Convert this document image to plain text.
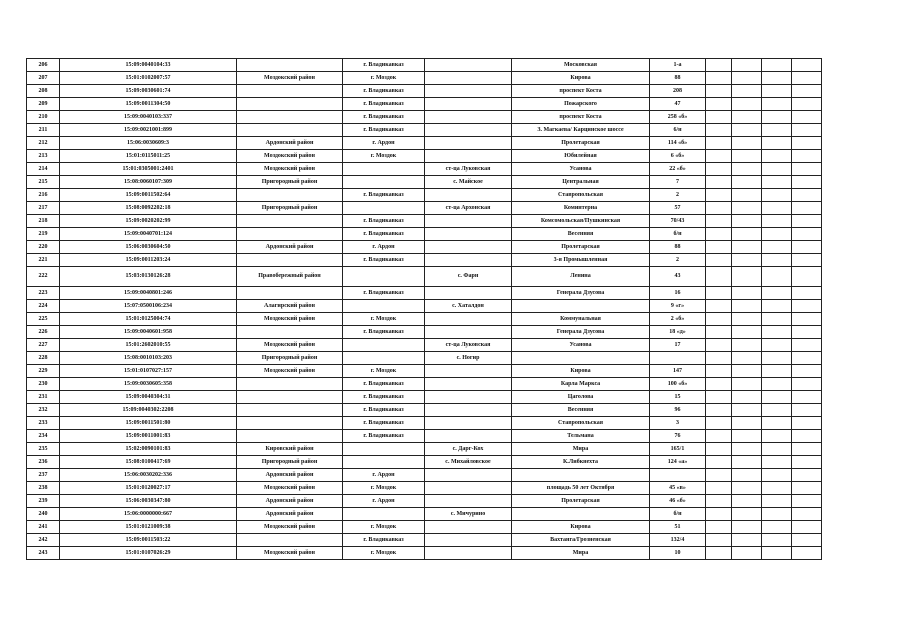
206	15:09:0040104:33		г. Владикавказ		Московская	1-а				
207	15:01:0102007:57	Моздокский район	г. Моздок		Кирова	88				
208	15:09:0030601:74		г. Владикавказ		проспект Коста	208				
209	15:09:0011304:50		г. Владикавказ		Пожарского	47				
210	15:09:0040103:337		г. Владикавказ		проспект Коста	258 «б»				
211	15:09:0021001:899		г. Владикавказ		З. Магкаева/ Карцинское шоссе	6/н				
212	15:06:0030609:3	Ардонский район	г. Ардон		Пролетарская	114 «б»				
213	15:01:0115011:25	Моздокский район	г. Моздок		Юбилейная	6 «б»				
214	15:01:0305001:2401	Моздокский район		ст-ца Луковская	Усанова	22 «б»				
215	15:08:0060107:309	Пригородный район		с. Майское	Центральная	7				
216	15:09:0011502:64		г. Владикавказ		Ставропольская	2				
217	15:08:0092202:18	Пригородный район		ст-ца Архонская	Коминтерна	57				
218	15:09:0020202:99		г. Владикавказ		Комсомольская/Пушкинская	70/43				
219	15:09:0040701:124		г. Владикавказ		Весенняя	б/н				
220	15:06:0030604:50	Ардонский район	г. Ардон		Пролетарская	88				
221	15:09:0011203:24		г. Владикавказ		3-я Промышленная	2				
222	15:03:0130126:28	Правобережный район		с. Фарн	Ленина	43				
223	15:09:0040801:246		г. Владикавказ		Генерала Дзусова	16				
224	15:07:0500106:234	Алагирский район		с. Хаталдон		9 «г»				
225	15:01:0125004:74	Моздокский район	г. Моздок		Коммунальная	2 «б»				
226	15:09:0040601:958		г. Владикавказ		Генерала Дзусова	18 «д»				
227	15:01:2602010:55	Моздокский район		ст-ца Луковская	Усанова	17				
228	15:08:0010103:203	Пригородный район		с. Ногир						
229	15:01:0107027:157	Моздокский район	г. Моздок		Кирова	147				
230	15:09:0030605:358		г. Владикавказ		Карла Маркса	100 «б»				
231	15:09:0040304:31		г. Владикавказ		Цаголова	15				
232	15:09:0040302:2208		г. Владикавказ		Весенняя	96				
233	15:09:0011501:80		г. Владикавказ		Ставропольская	3				
234	15:09:0011001:83		г. Владикавказ		Тельмана	76				
235	15:02:0090101:83	Кировский район		с. Дарг-Кох	Мира	165/1				
236	15:08:0100417:69	Пригородный район		с. Михайловское	К.Либкнехта	124 «а»				
237	15:06:0030202:336	Ардонский район	г. Ардон							
238	15:01:0120027:17	Моздокский район	г. Моздок		площадь 50 лет Октября	45 «в»				
239	15:06:0030347:80	Ардонский район	г. Ардон		Пролетарская	46 «б»				
240	15:06:0000000:667	Ардонский район		с. Мичурино		б/н				
241	15:01:0121009:38	Моздокский район	г. Моздок		Кирова	51				
242	15:09:0011503:22		г. Владикавказ		Вахтанга/Грозненская	132/4				
243	15:01:0107026:29	Моздокский район	г. Моздок		Мира	10				
